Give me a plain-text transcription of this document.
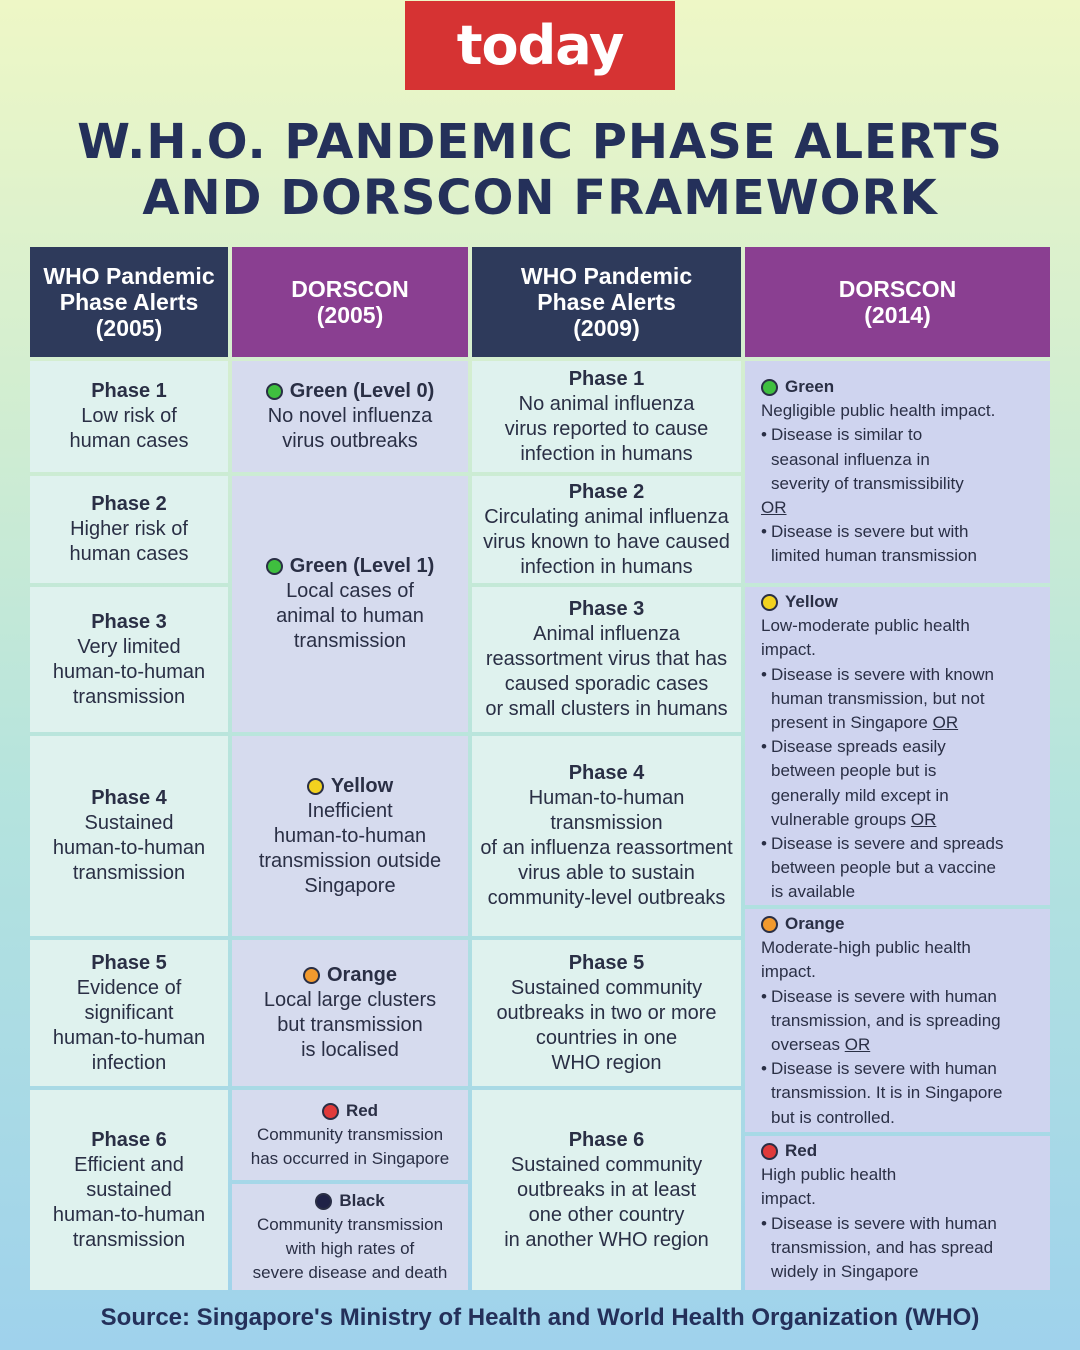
today
W.H.O. PANDEMIC PHASE ALERTS
AND DORSCON FRAMEWORK
WHO Pandemic
Phase Alerts
(2005)
DORSCON
(2005)
WHO Pandemic
Phase Alerts
(2009)
DORSCON
(2014)
Phase 1
Low risk of
human cases
Phase 2
Higher risk of
human cases
Phase 3
Very limited
human-to-human
transmission
Phase 4
Sustained
human-to-human
transmission
Phase 5
Evidence of
significant
human-to-human
infection
Phase 6
Efficient and
sustained
human-to-human
transmission
Green (Level 0)
No novel influenza
virus outbreaks
Green (Level 1)
Local cases of
animal to human
transmission
Yellow
Inefficient
human-to-human
transmission outside
Singapore
Orange
Local large clusters
but transmission
is localised
Red
Community transmission
has occurred in Singapore
Black
Community transmission
with high rates of
severe disease and death
Phase 1
No animal influenza
virus reported to cause
infection in humans
Phase 2
Circulating animal influenza
virus known to have caused
infection in humans
Phase 3
Animal influenza
reassortment virus that has
caused sporadic cases
or small clusters in humans
Phase 4
Human-to-human transmission
of an influenza reassortment
virus able to sustain
community-level outbreaks
Phase 5
Sustained community
outbreaks in two or more
countries in one
WHO region
Phase 6
Sustained community
outbreaks in at least
one other country
in another WHO region
Green
Negligible public health impact.
• Disease is similar to
seasonal influenza in
severity of transmissibility
OR
• Disease is severe but with
limited human transmission
Yellow
Low-moderate public health
impact.
• Disease is severe with known
human transmission, but not
present in Singapore OR
• Disease spreads easily
between people but is
generally mild except in
vulnerable groups OR
• Disease is severe and spreads
between people but a vaccine
is available
Orange
Moderate-high public health
impact.
• Disease is severe with human
transmission, and is spreading
overseas OR
• Disease is severe with human
transmission. It is in Singapore
but is controlled.
Red
High public health
impact.
• Disease is severe with human
transmission, and has spread
widely in Singapore
Source: Singapore's Ministry of Health and World Health Organization (WHO)
